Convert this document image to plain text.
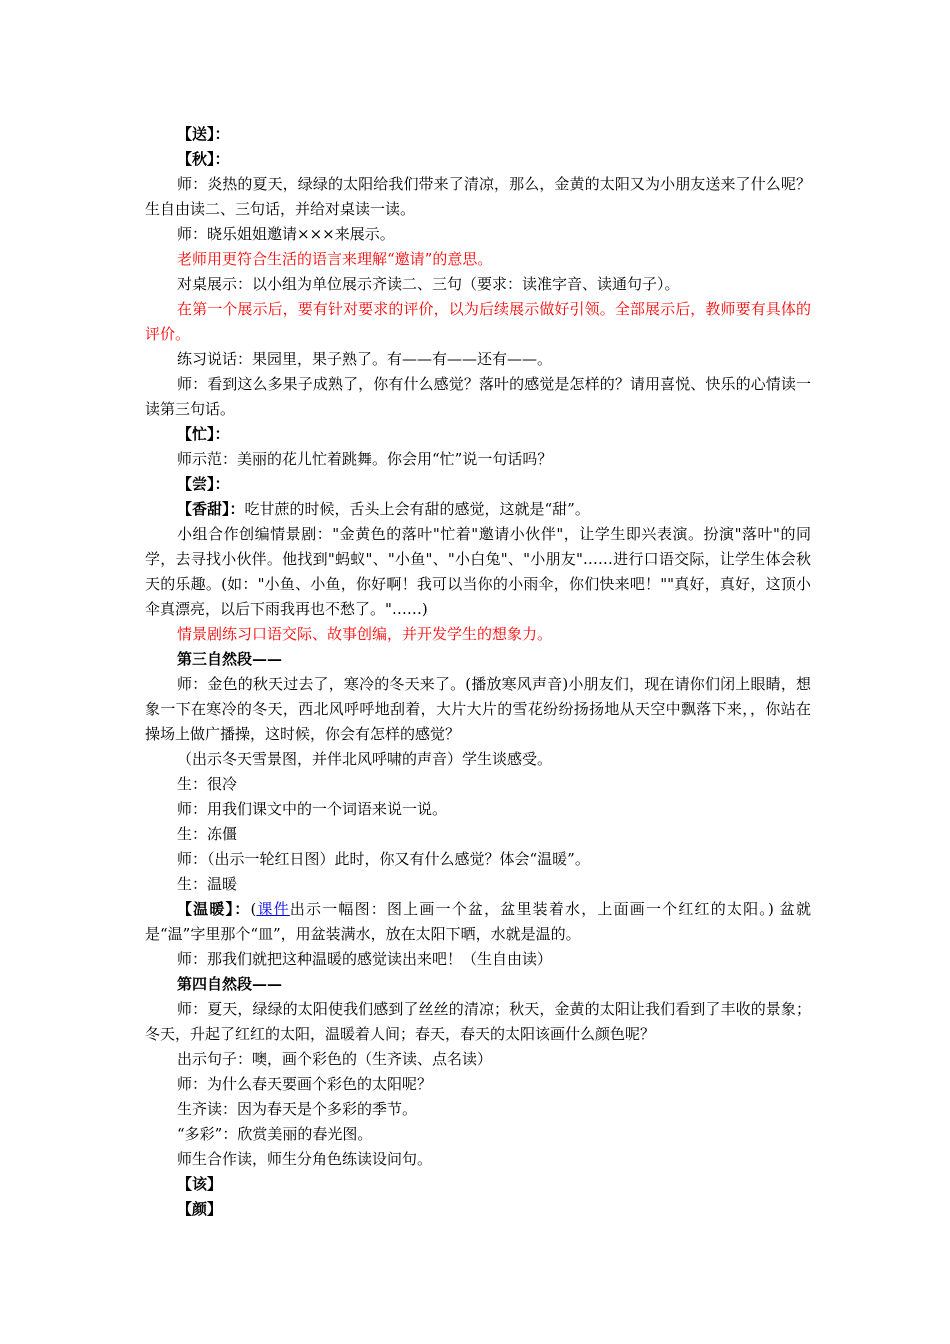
【送】：

【秋】：

师：炎热的夏天，绿绿的太阳给我们带来了清凉，那么，金黄的太阳又为小朋友送来了什么呢？生自由读二、三句话，并给对桌读一读。

师：晓乐姐姐邀请×××来展示。

老师用更符合生活的语言来理解“邀请”的意思。

对桌展示：以小组为单位展示齐读二、三句（要求：读准字音、读通句子）。

在第一个展示后，要有针对要求的评价，以为后续展示做好引领。全部展示后，教师要有具体的评价。

练习说话：果园里，果子熟了。有——有——还有——。

师：看到这么多果子成熟了，你有什么感觉？落叶的感觉是怎样的？请用喜悦、快乐的心情读一读第三句话。

【忙】：

师示范：美丽的花儿忙着跳舞。你会用“忙”说一句话吗？

【尝】：

【香甜】：吃甘蔗的时候，舌头上会有甜的感觉，这就是“甜”。

小组合作创编情景剧："金黄色的落叶"忙着"邀请小伙伴"，让学生即兴表演。扮演"落叶"的同学，去寻找小伙伴。他找到"蚂蚁"、"小鱼"、"小白兔"、"小朋友"……进行口语交际，让学生体会秋天的乐趣。(如："小鱼、小鱼，你好啊！我可以当你的小雨伞，你们快来吧！""真好，真好，这顶小伞真漂亮，以后下雨我再也不愁了。"……)

情景剧练习口语交际、故事创编，并开发学生的想象力。

第三自然段——

师：金色的秋天过去了，寒冷的冬天来了。(播放寒风声音)小朋友们，现在请你们闭上眼睛，想象一下在寒冷的冬天，西北风呼呼地刮着，大片大片的雪花纷纷扬扬地从天空中飘落下来，，你站在操场上做广播操，这时候，你会有怎样的感觉？

（出示冬天雪景图，并伴北风呼啸的声音）学生谈感受。

生：很冷

师：用我们课文中的一个词语来说一说。

生：冻僵

师：（出示一轮红日图）此时，你又有什么感觉？体会“温暖”。

生：温暖

【温暖】：(课件出示一幅图：图上画一个盆，盆里装着水，上面画一个红红的太阳。) 盆就是“温”字里那个“皿”，用盆装满水，放在太阳下晒，水就是温的。

师：那我们就把这种温暖的感觉读出来吧！（生自由读）

第四自然段——

师：夏天，绿绿的太阳使我们感到了丝丝的清凉；秋天，金黄的太阳让我们看到了丰收的景象；冬天，升起了红红的太阳，温暖着人间；春天，春天的太阳该画什么颜色呢？

出示句子：噢，画个彩色的（生齐读、点名读）

师：为什么春天要画个彩色的太阳呢？

生齐读：因为春天是个多彩的季节。

“多彩”：欣赏美丽的春光图。

师生合作读，师生分角色练读设问句。

【该】

【颜】
